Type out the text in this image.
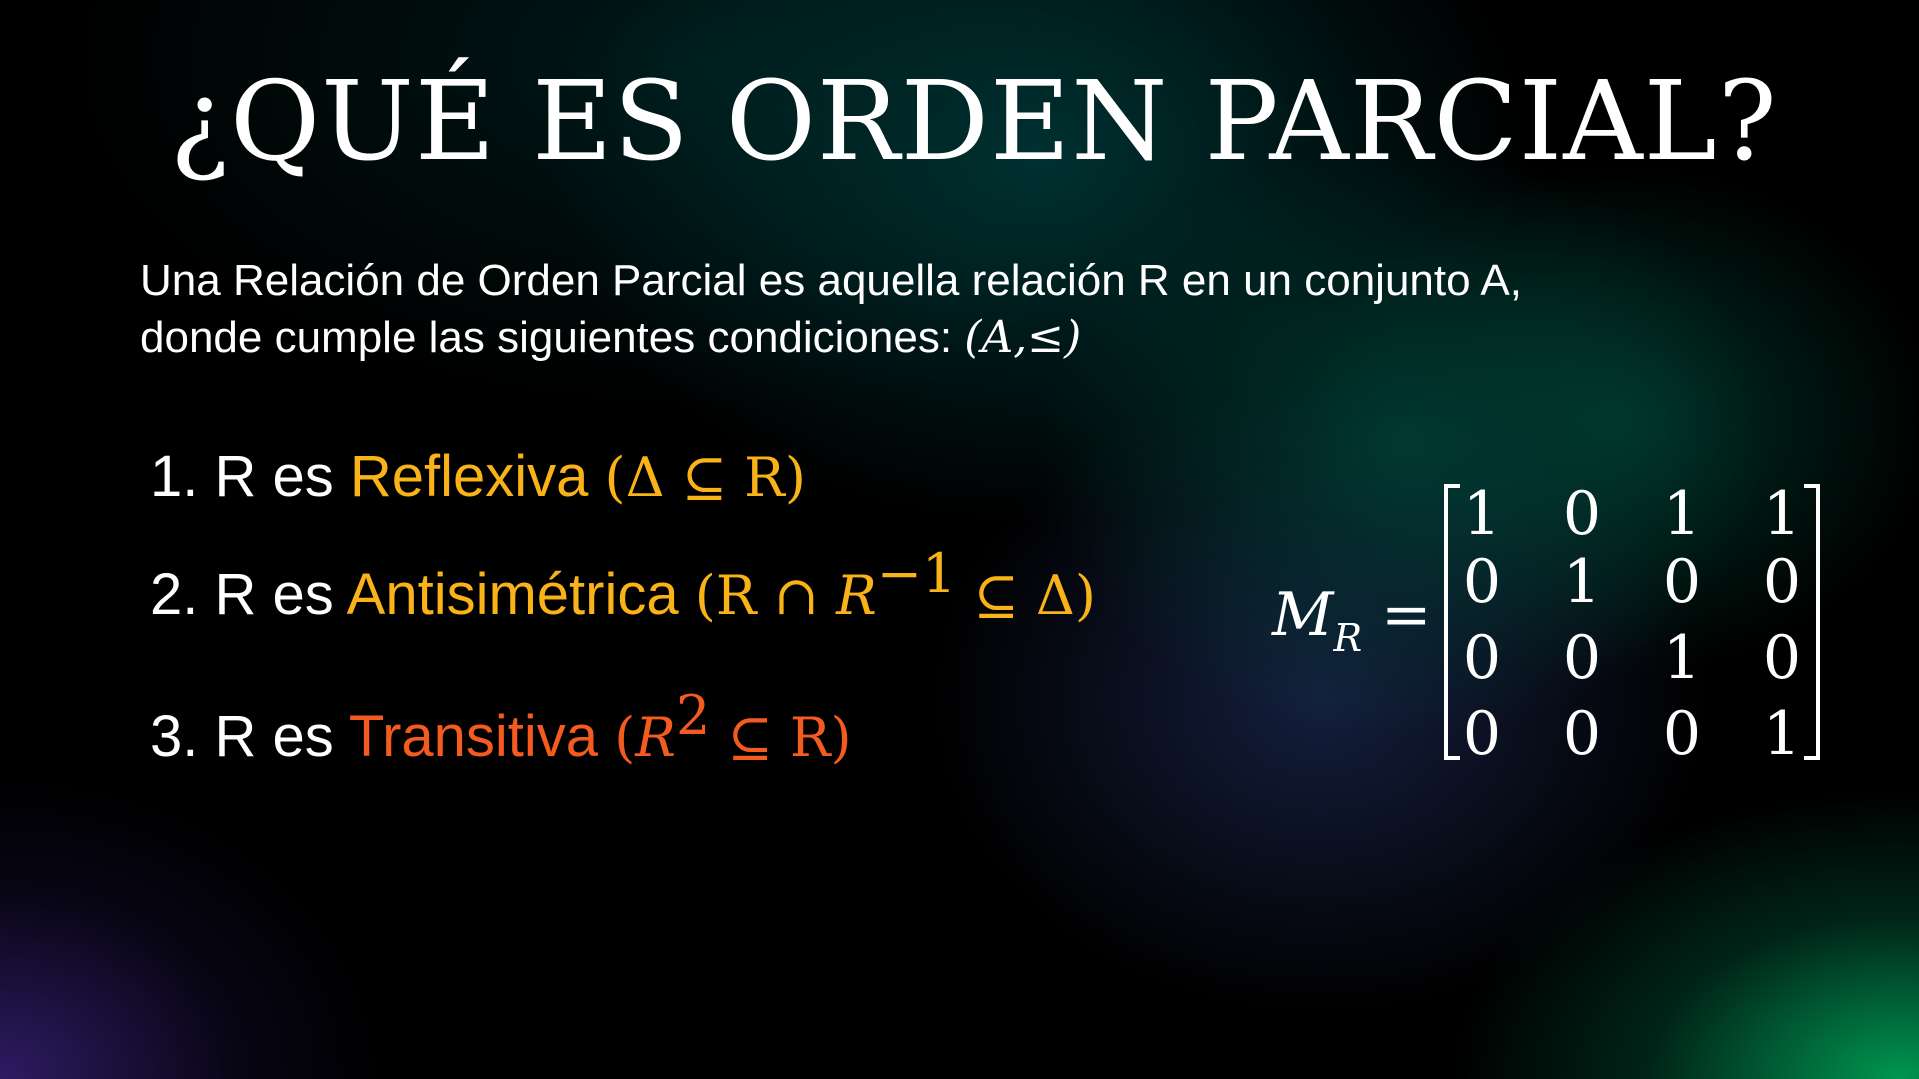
¿QUÉ ES ORDEN PARCIAL?
Una Relación de Orden Parcial es aquella relación R en un conjunto A,
donde cumple las siguientes condiciones: (A,≤)
1. R es Reflexiva (Δ ⊆ R)
2. R es Antisimétrica (R ∩ $R^{-1}$ ⊆ Δ)
3. R es Transitiva ($R^2$ ⊆ R)
$M_R$ =
1 0 1 1
0 1 0 0
0 0 1 0
0 0 0 1
